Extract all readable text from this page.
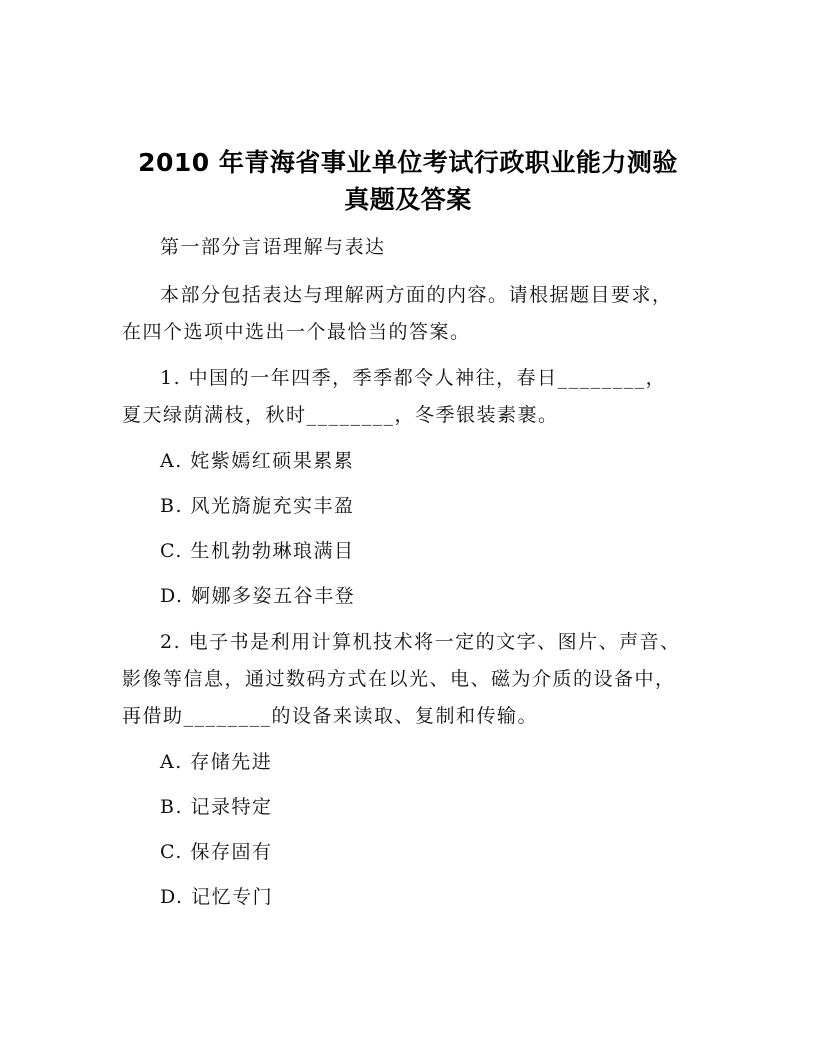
2010 年青海省事业单位考试行政职业能力测验
真题及答案
第一部分言语理解与表达
本部分包括表达与理解两方面的内容。请根据题目要求，
在四个选项中选出一个最恰当的答案。
1. 中国的一年四季，季季都令人神往，春日________，
夏天绿荫满枝，秋时________，冬季银装素裹。
A. 姹紫嫣红硕果累累
B. 风光旖旎充实丰盈
C. 生机勃勃琳琅满目
D. 婀娜多姿五谷丰登
2. 电子书是利用计算机技术将一定的文字、图片、声音、
影像等信息，通过数码方式在以光、电、磁为介质的设备中，
再借助________的设备来读取、复制和传输。
A. 存储先进
B. 记录特定
C. 保存固有
D. 记忆专门
